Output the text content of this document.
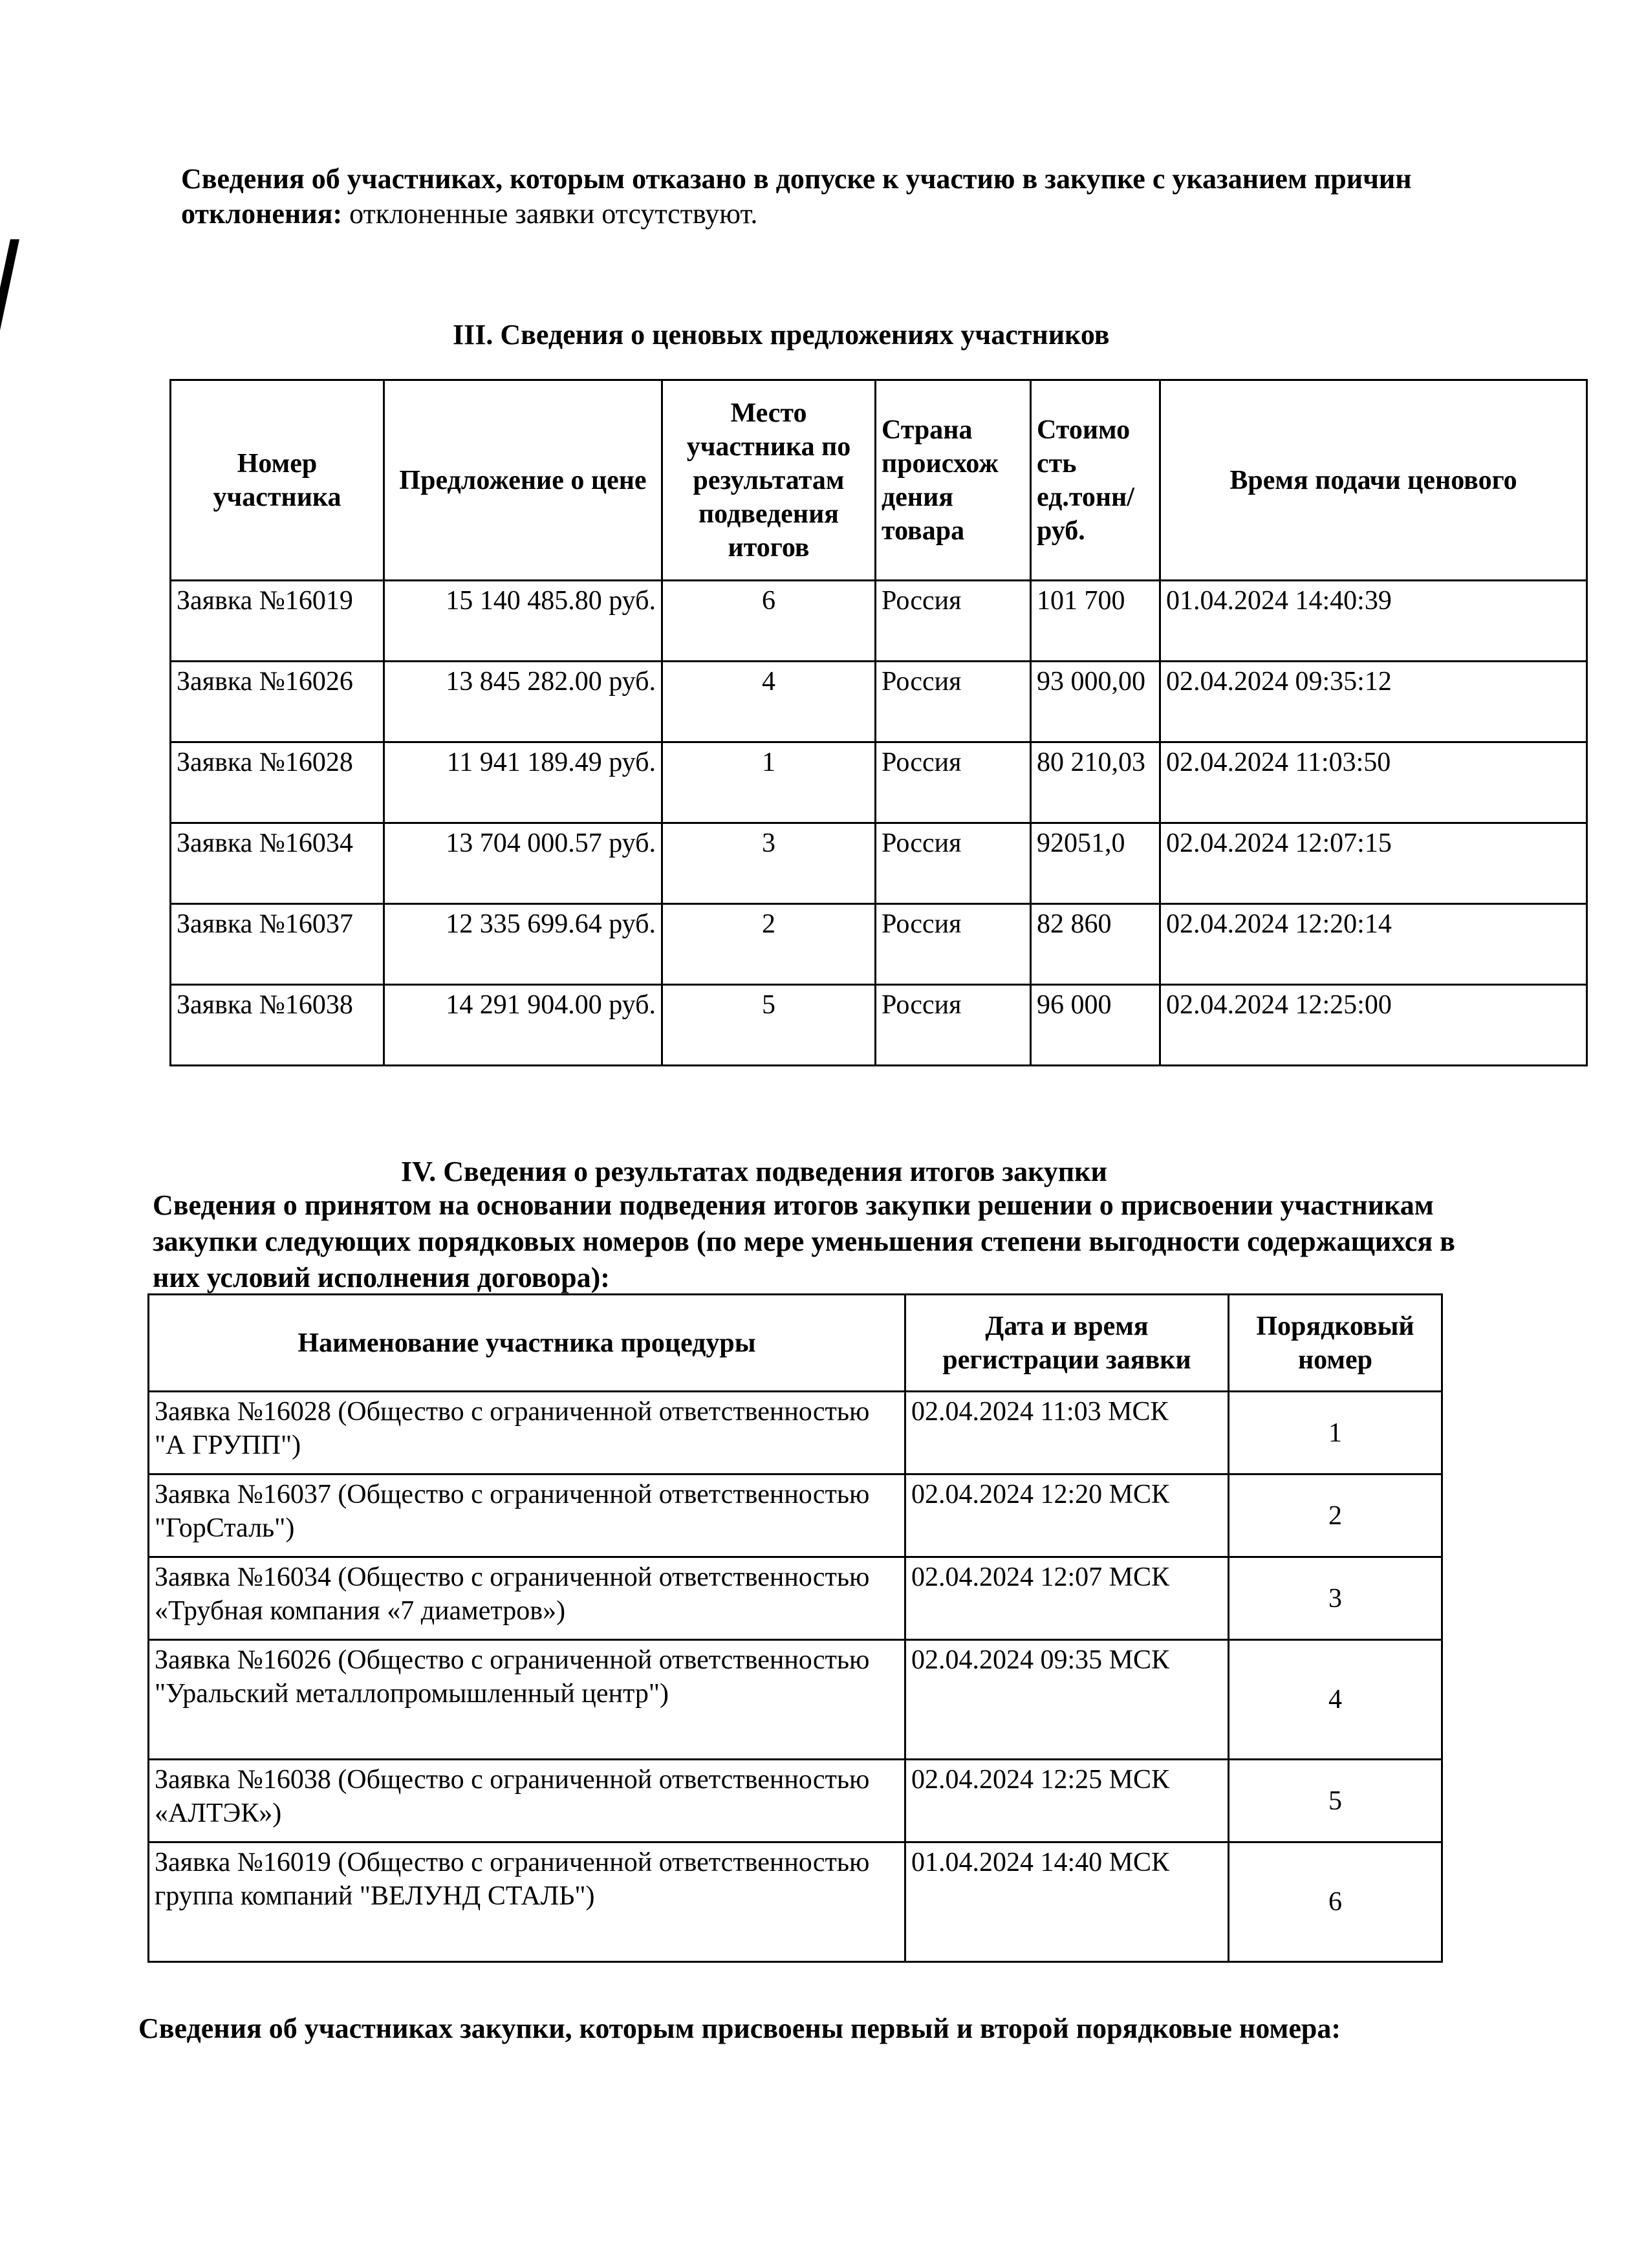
Сведения об участниках, которым отказано в допуске к участию в закупке с указанием причин отклонения: отклоненные заявки отсутствуют.
III. Сведения о ценовых предложениях участников
Номер участника	Предложение о цене	Место участника по результатам подведения итогов	Страна происхож дения товара	Стоимо сть ед.тонн/ руб.	Время подачи ценового
Заявка №16019	15 140 485.80 руб.	6	Россия	101 700	01.04.2024 14:40:39
Заявка №16026	13 845 282.00 руб.	4	Россия	93 000,00	02.04.2024 09:35:12
Заявка №16028	11 941 189.49 руб.	1	Россия	80 210,03	02.04.2024 11:03:50
Заявка №16034	13 704 000.57 руб.	3	Россия	92051,0	02.04.2024 12:07:15
Заявка №16037	12 335 699.64 руб.	2	Россия	82 860	02.04.2024 12:20:14
Заявка №16038	14 291 904.00 руб.	5	Россия	96 000	02.04.2024 12:25:00
IV. Сведения о результатах подведения итогов закупки
Сведения о принятом на основании подведения итогов закупки решении о присвоении участникам закупки следующих порядковых номеров (по мере уменьшения степени выгодности содержащихся в них условий исполнения договора):
Наименование участника процедуры	Дата и время регистрации заявки	Порядковый номер
Заявка №16028 (Общество с ограниченной ответственностью "А ГРУПП")	02.04.2024 11:03 МСК	1
Заявка №16037 (Общество с ограниченной ответственностью "ГорСталь")	02.04.2024 12:20 МСК	2
Заявка №16034 (Общество с ограниченной ответственностью «Трубная компания «7 диаметров»)	02.04.2024 12:07 МСК	3
Заявка №16026 (Общество с ограниченной ответственностью "Уральский металлопромышленный центр")	02.04.2024 09:35 МСК	4
Заявка №16038 (Общество с ограниченной ответственностью «АЛТЭК»)	02.04.2024 12:25 МСК	5
Заявка №16019 (Общество с ограниченной ответственностью группа компаний "ВЕЛУНД СТАЛЬ")	01.04.2024 14:40 МСК	6
Сведения об участниках закупки, которым присвоены первый и второй порядковые номера:
